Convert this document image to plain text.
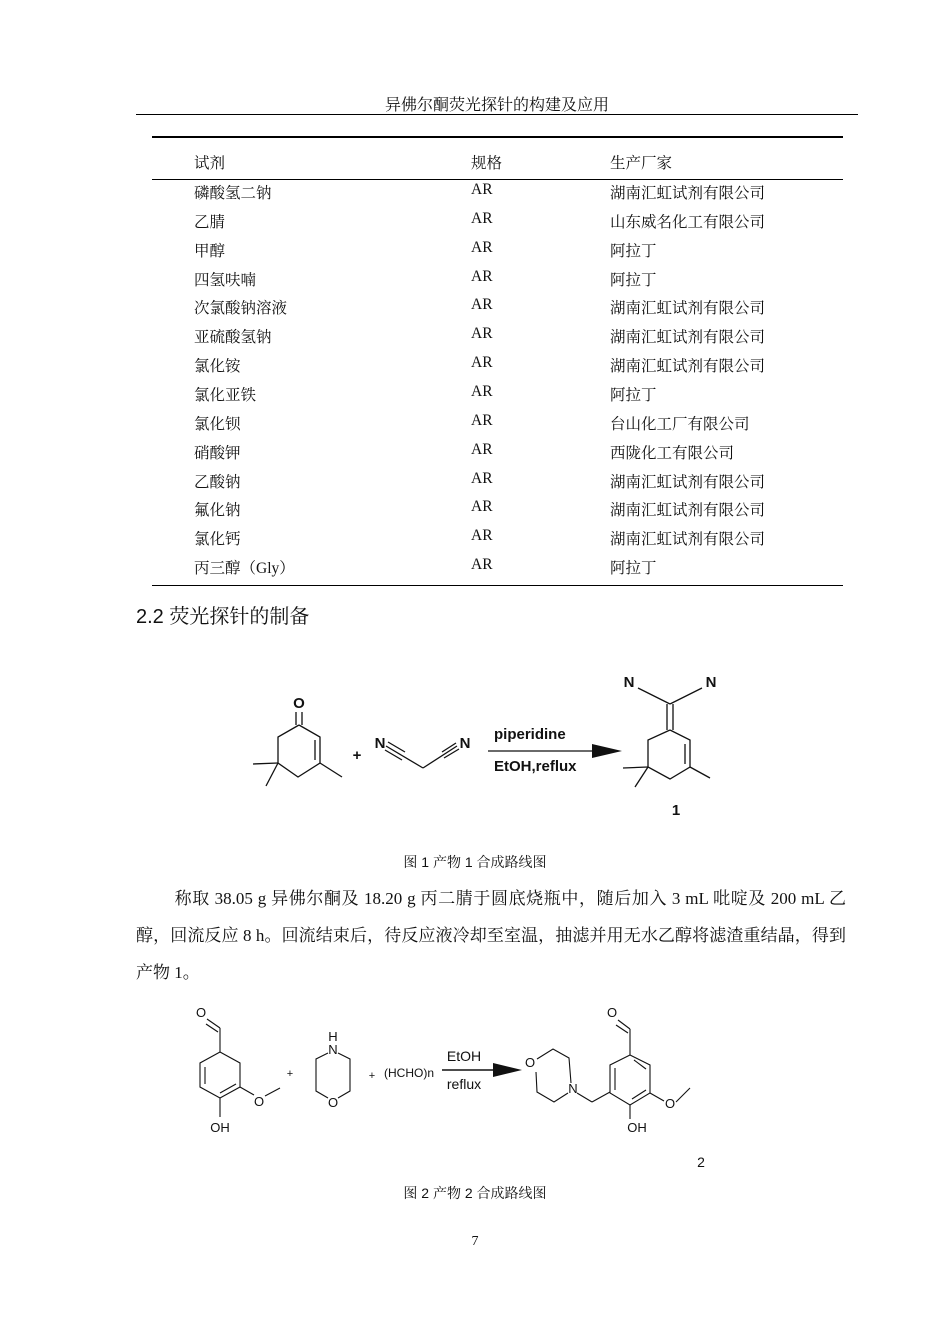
异佛尔酮荧光探针的构建及应用
试剂	规格	生产厂家
磷酸氢二钠	AR	湖南汇虹试剂有限公司
乙腈	AR	山东威名化工有限公司
甲醇	AR	阿拉丁
四氢呋喃	AR	阿拉丁
次氯酸钠溶液	AR	湖南汇虹试剂有限公司
亚硫酸氢钠	AR	湖南汇虹试剂有限公司
氯化铵	AR	湖南汇虹试剂有限公司
氯化亚铁	AR	阿拉丁
氯化钡	AR	台山化工厂有限公司
硝酸钾	AR	西陇化工有限公司
乙酸钠	AR	湖南汇虹试剂有限公司
氟化钠	AR	湖南汇虹试剂有限公司
氯化钙	AR	湖南汇虹试剂有限公司
丙三醇（Gly）	AR	阿拉丁
2.2 荧光探针的制备
O
+
N	N
piperidine
EtOH,reflux
N	N
1
图 1 产物 1 合成路线图
称取 38.05 g 异佛尔酮及 18.20 g 丙二腈于圆底烧瓶中，随后加入 3 mL 吡啶及 200 mL 乙醇，回流反应 8 h。回流结束后，待反应液冷却至室温，抽滤并用无水乙醇将滤渣重结晶，得到产物 1。
O
O
OH
+
H
N
O
+ (HCHO)n
EtOH
reflux
O
N
O
O
OH
2
图 2 产物 2 合成路线图
7
